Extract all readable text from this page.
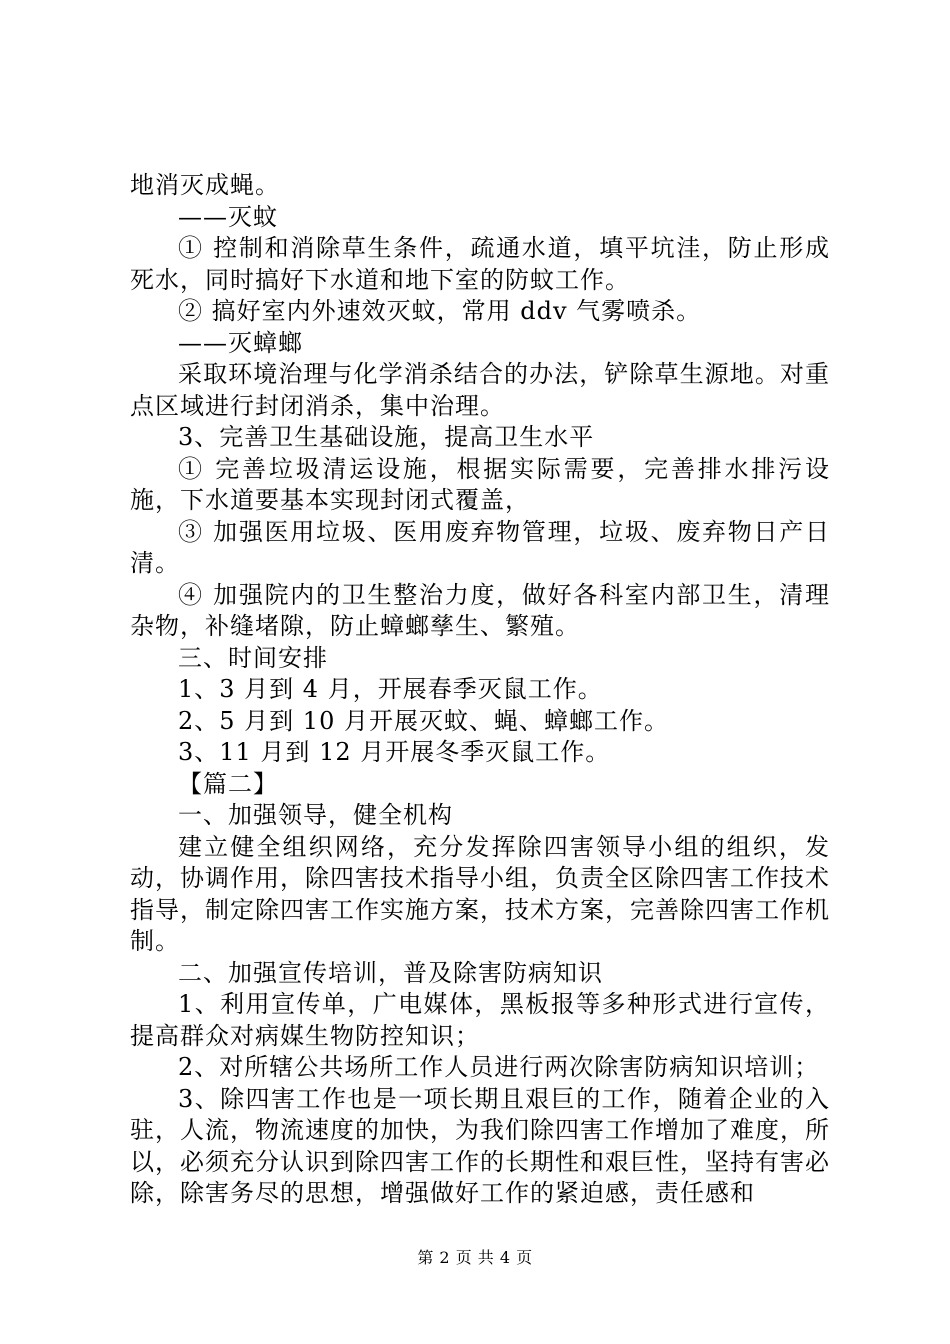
地消灭成蝇。

——灭蚊

① 控制和消除草生条件，疏通水道，填平坑洼，防止形成死水，同时搞好下水道和地下室的防蚊工作。

② 搞好室内外速效灭蚊，常用 ddv 气雾喷杀。

——灭蟑螂

采取环境治理与化学消杀结合的办法，铲除草生源地。对重点区域进行封闭消杀，集中治理。

3、完善卫生基础设施，提高卫生水平

① 完善垃圾清运设施，根据实际需要，完善排水排污设施，下水道要基本实现封闭式覆盖，

③ 加强医用垃圾、医用废弃物管理，垃圾、废弃物日产日清。

④ 加强院内的卫生整治力度，做好各科室内部卫生，清理杂物，补缝堵隙，防止蟑螂孳生、繁殖。

三、时间安排

1、3 月到 4 月，开展春季灭鼠工作。

2、5 月到 10 月开展灭蚊、蝇、蟑螂工作。

3、11 月到 12 月开展冬季灭鼠工作。

【篇二】

一、加强领导，健全机构

建立健全组织网络，充分发挥除四害领导小组的组织，发动，协调作用，除四害技术指导小组，负责全区除四害工作技术指导，制定除四害工作实施方案，技术方案，完善除四害工作机制。

二、加强宣传培训，普及除害防病知识

1、利用宣传单，广电媒体，黑板报等多种形式进行宣传，提高群众对病媒生物防控知识；

2、对所辖公共场所工作人员进行两次除害防病知识培训；

3、除四害工作也是一项长期且艰巨的工作，随着企业的入驻，人流，物流速度的加快，为我们除四害工作增加了难度，所以，必须充分认识到除四害工作的长期性和艰巨性，坚持有害必除，除害务尽的思想，增强做好工作的紧迫感，责任感和

第 2 页 共 4 页
